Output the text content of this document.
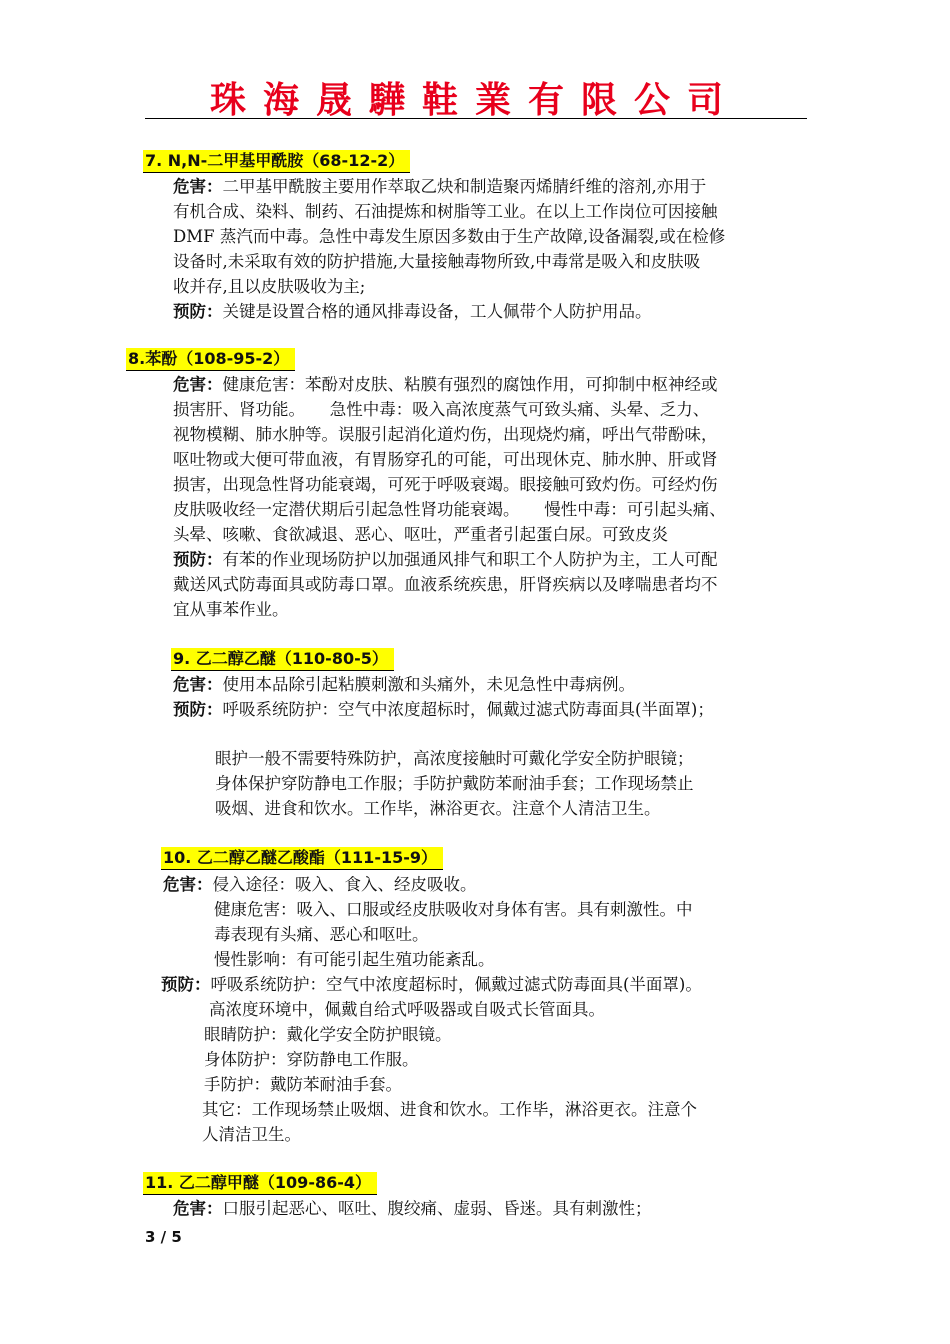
珠海晟驊鞋業有限公司
7. N,N-二甲基甲酰胺（68-12-2）
危害：二甲基甲酰胺主要用作萃取乙炔和制造聚丙烯腈纤维的溶剂,亦用于
有机合成、染料、制药、石油提炼和树脂等工业。在以上工作岗位可因接触
DMF 蒸汽而中毒。急性中毒发生原因多数由于生产故障,设备漏裂,或在检修
设备时,未采取有效的防护措施,大量接触毒物所致,中毒常是吸入和皮肤吸
收并存,且以皮肤吸收为主;
预防：关键是设置合格的通风排毒设备，工人佩带个人防护用品。
8.苯酚（108-95-2）
危害：健康危害：苯酚对皮肤、粘膜有强烈的腐蚀作用，可抑制中枢神经或
损害肝、肾功能。　　急性中毒：吸入高浓度蒸气可致头痛、头晕、乏力、
视物模糊、肺水肿等。误服引起消化道灼伤，出现烧灼痛，呼出气带酚味，
呕吐物或大便可带血液，有胃肠穿孔的可能，可出现休克、肺水肿、肝或肾
损害，出现急性肾功能衰竭，可死于呼吸衰竭。眼接触可致灼伤。可经灼伤
皮肤吸收经一定潜伏期后引起急性肾功能衰竭。　　慢性中毒：可引起头痛、
头晕、咳嗽、食欲减退、恶心、呕吐，严重者引起蛋白尿。可致皮炎
预防：有苯的作业现场防护以加强通风排气和职工个人防护为主，工人可配
戴送风式防毒面具或防毒口罩。血液系统疾患，肝肾疾病以及哮喘患者均不
宜从事苯作业。
9. 乙二醇乙醚（110-80-5）
危害：使用本品除引起粘膜刺激和头痛外，未见急性中毒病例。
预防：呼吸系统防护：空气中浓度超标时，佩戴过滤式防毒面具(半面罩)；
眼护一般不需要特殊防护，高浓度接触时可戴化学安全防护眼镜；
身体保护穿防静电工作服；手防护戴防苯耐油手套；工作现场禁止
吸烟、进食和饮水。工作毕，淋浴更衣。注意个人清洁卫生。
10. 乙二醇乙醚乙酸酯（111-15-9）
危害：侵入途径：吸入、食入、经皮吸收。
健康危害：吸入、口服或经皮肤吸收对身体有害。具有刺激性。中
毒表现有头痛、恶心和呕吐。
慢性影响：有可能引起生殖功能紊乱。
预防：呼吸系统防护：空气中浓度超标时，佩戴过滤式防毒面具(半面罩)。
高浓度环境中，佩戴自给式呼吸器或自吸式长管面具。
眼睛防护：戴化学安全防护眼镜。
身体防护：穿防静电工作服。
手防护：戴防苯耐油手套。
其它：工作现场禁止吸烟、进食和饮水。工作毕，淋浴更衣。注意个
人清洁卫生。
11. 乙二醇甲醚（109-86-4）
危害：口服引起恶心、呕吐、腹绞痛、虚弱、昏迷。具有刺激性；
3 / 5
